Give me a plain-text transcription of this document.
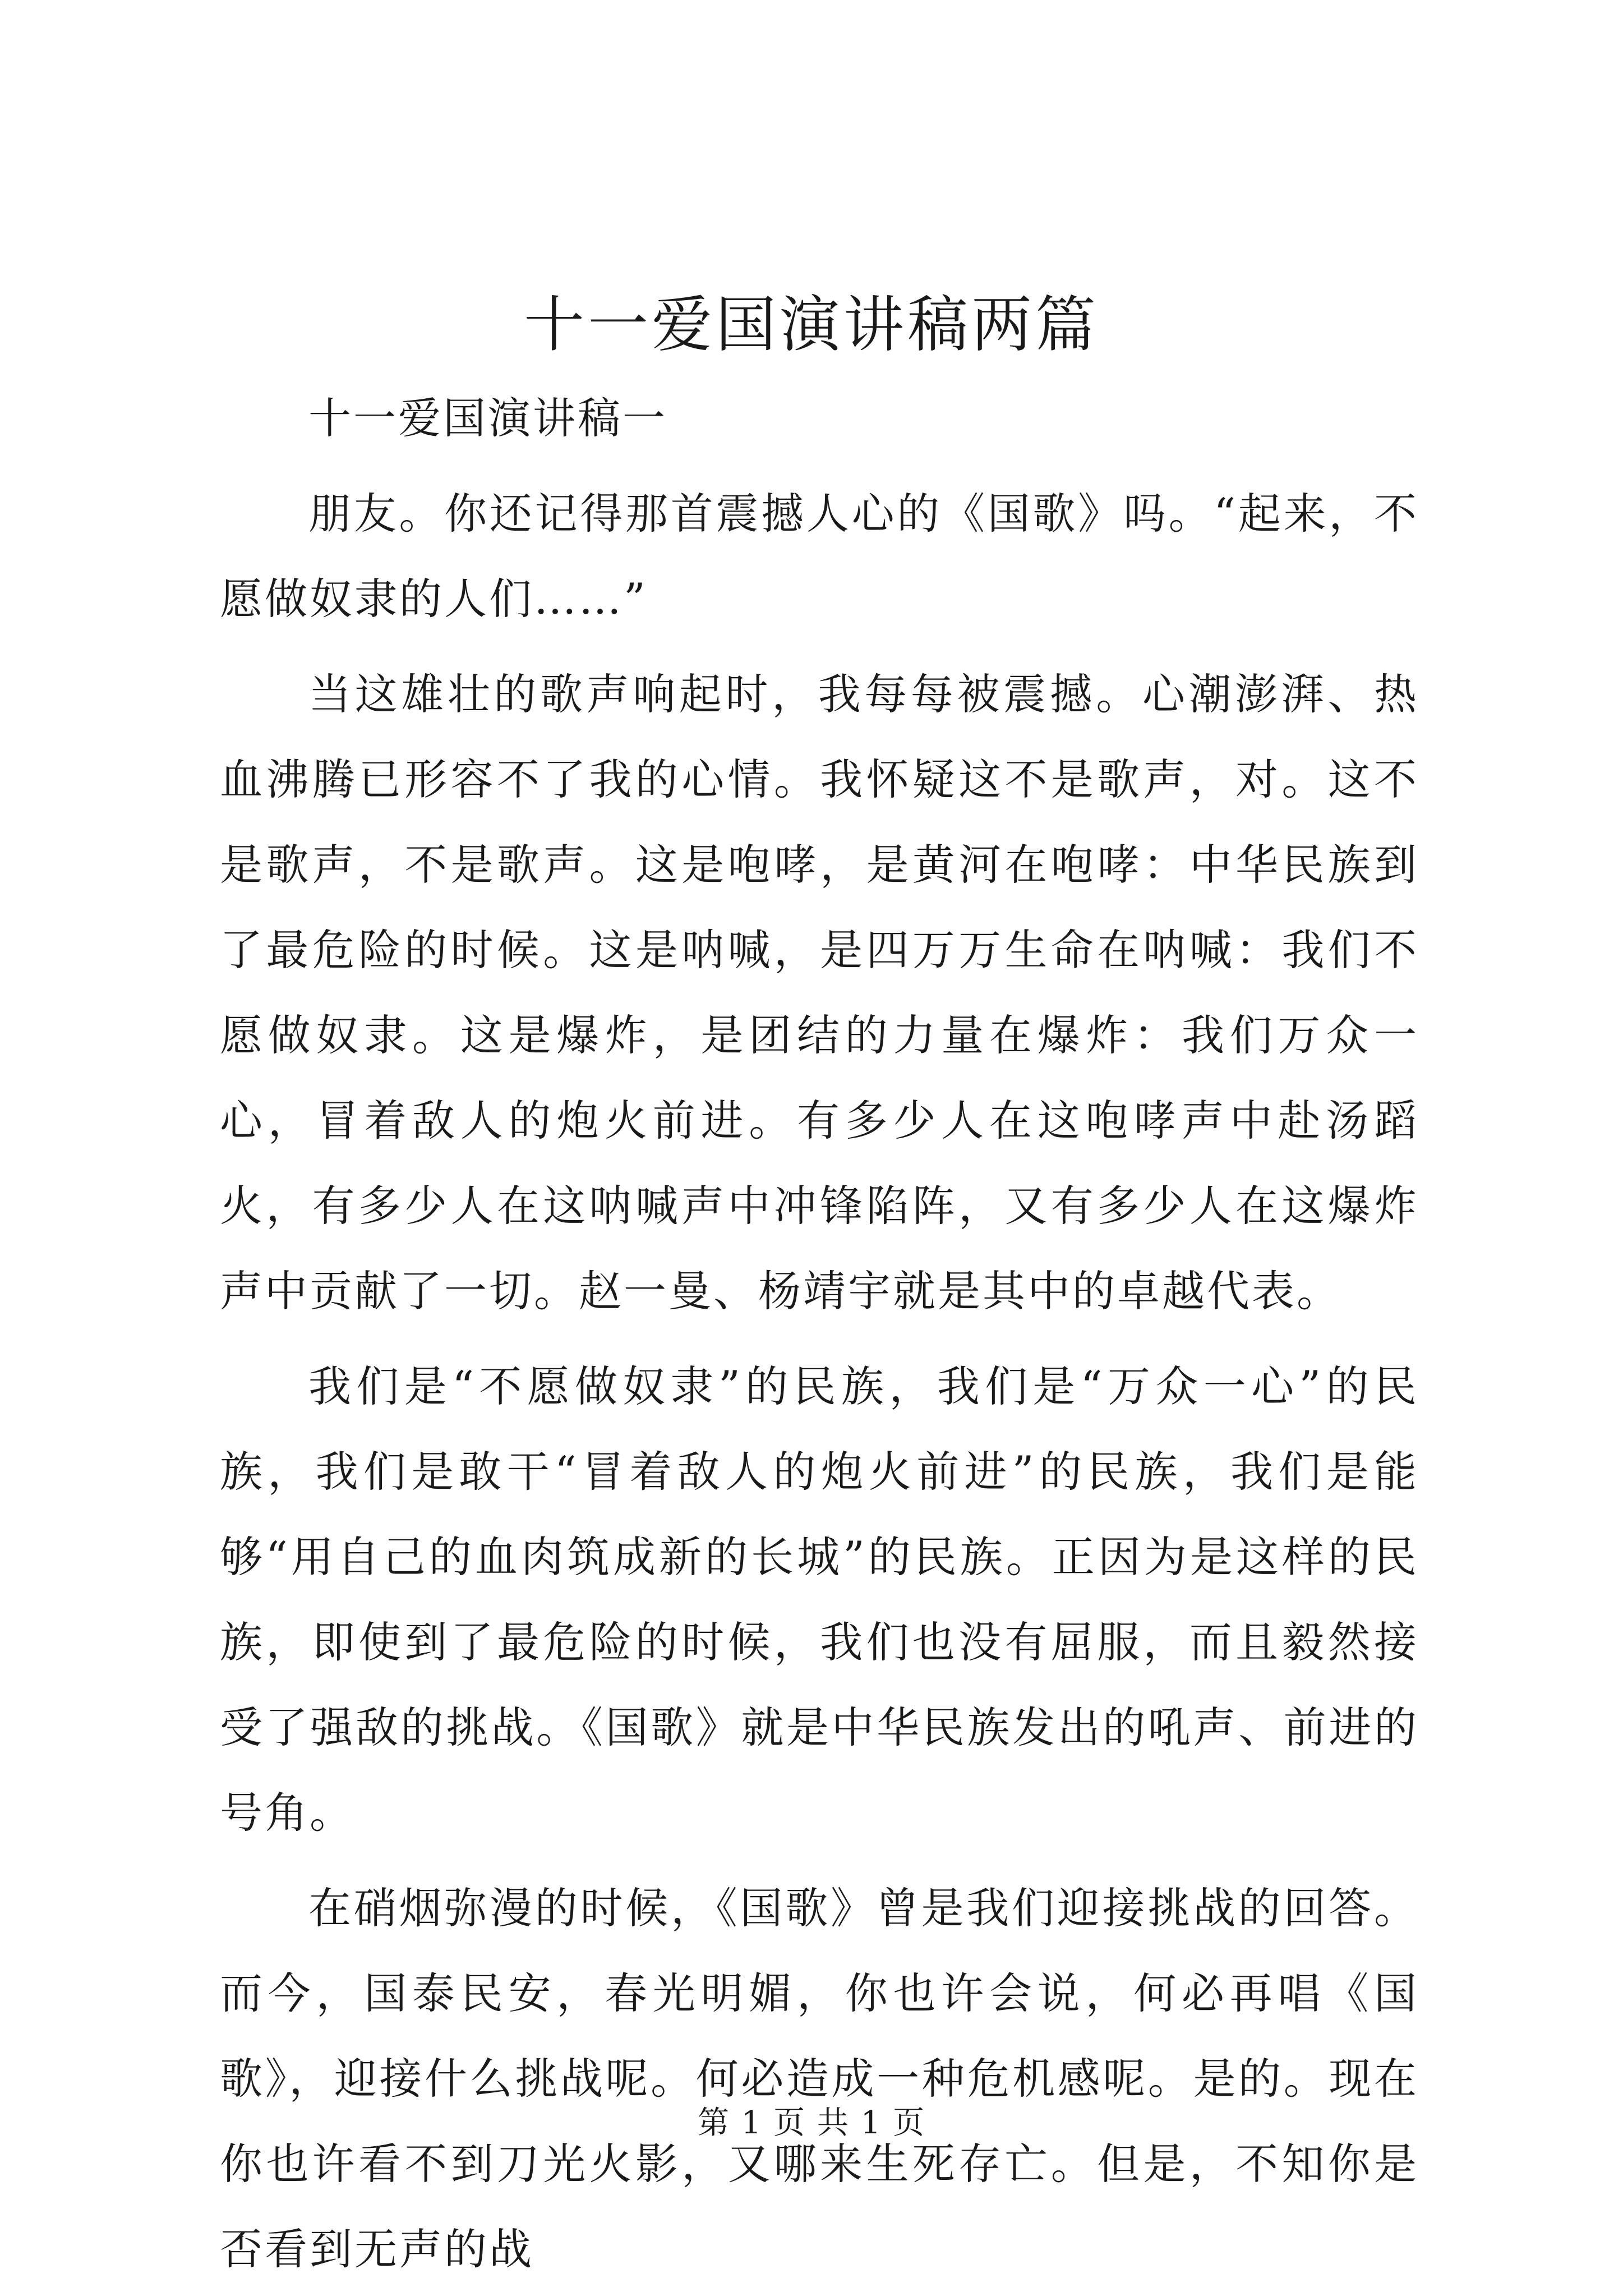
十一爱国演讲稿两篇

十一爱国演讲稿一

朋友。你还记得那首震撼人心的《国歌》吗。“起来，不愿做奴隶的人们……”

当这雄壮的歌声响起时，我每每被震撼。心潮澎湃、热血沸腾已形容不了我的心情。我怀疑这不是歌声，对。这不是歌声，不是歌声。这是咆哮，是黄河在咆哮：中华民族到了最危险的时候。这是呐喊，是四万万生命在呐喊：我们不愿做奴隶。这是爆炸，是团结的力量在爆炸：我们万众一心，冒着敌人的炮火前进。有多少人在这咆哮声中赴汤蹈火，有多少人在这呐喊声中冲锋陷阵，又有多少人在这爆炸声中贡献了一切。赵一曼、杨靖宇就是其中的卓越代表。

我们是“不愿做奴隶”的民族，我们是“万众一心”的民族，我们是敢干“冒着敌人的炮火前进”的民族，我们是能够“用自己的血肉筑成新的长城”的民族。正因为是这样的民族，即使到了最危险的时候，我们也没有屈服，而且毅然接受了强敌的挑战。《国歌》就是中华民族发出的吼声、前进的号角。

在硝烟弥漫的时候，《国歌》曾是我们迎接挑战的回答。而今，国泰民安，春光明媚，你也许会说，何必再唱《国歌》，迎接什么挑战呢。何必造成一种危机感呢。是的。现在你也许看不到刀光火影，又哪来生死存亡。但是，不知你是否看到无声的战

第 1 页 共 1 页
